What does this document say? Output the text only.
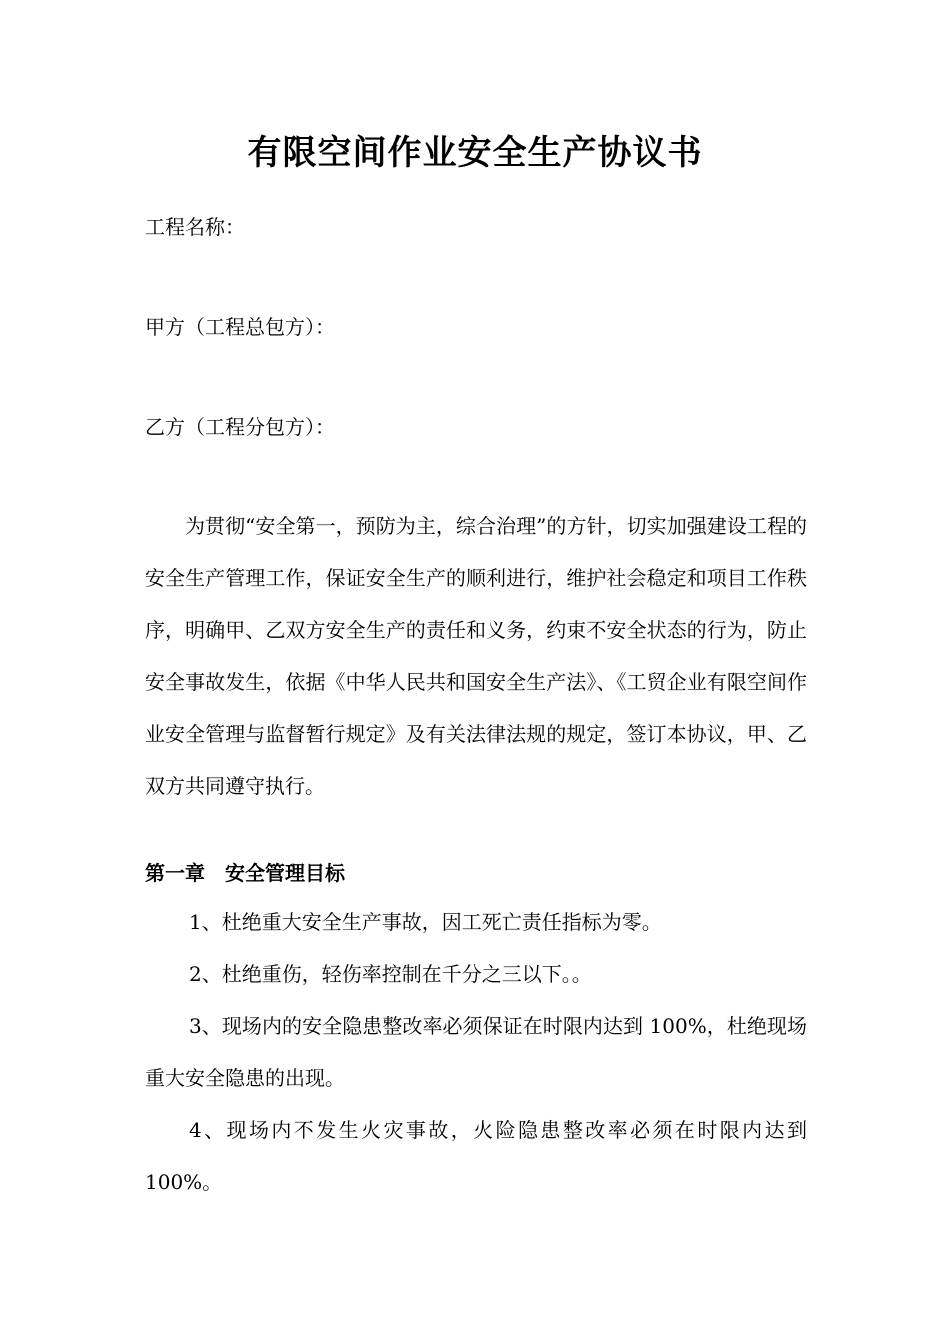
有限空间作业安全生产协议书

工程名称：

甲方（工程总包方）：

乙方（工程分包方）：

为贯彻“安全第一，预防为主，综合治理”的方针，切实加强建设工程的安全生产管理工作，保证安全生产的顺利进行，维护社会稳定和项目工作秩序，明确甲、乙双方安全生产的责任和义务，约束不安全状态的行为，防止安全事故发生，依据《中华人民共和国安全生产法》、《工贸企业有限空间作业安全管理与监督暂行规定》及有关法律法规的规定，签订本协议，甲、乙双方共同遵守执行。

第一章　安全管理目标

1、杜绝重大安全生产事故，因工死亡责任指标为零。

2、杜绝重伤，轻伤率控制在千分之三以下。。

3、现场内的安全隐患整改率必须保证在时限内达到 100%，杜绝现场重大安全隐患的出现。

4、现场内不发生火灾事故，火险隐患整改率必须在时限内达到100%。
